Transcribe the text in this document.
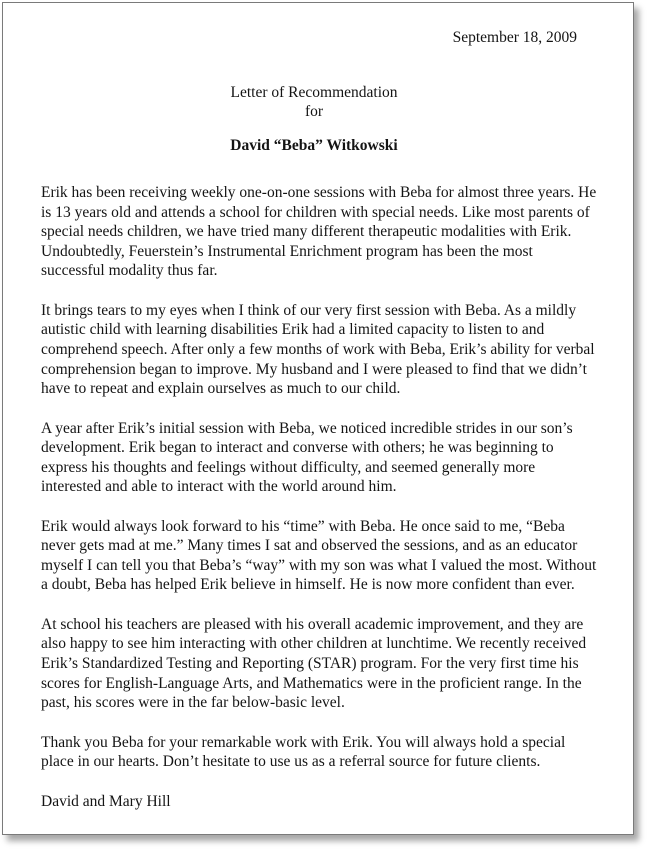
September 18, 2009
Letter of Recommendation
for
David “Beba” Witkowski

Erik has been receiving weekly one-on-one sessions with Beba for almost three years. He is 13 years old and attends a school for children with special needs. Like most parents of special needs children, we have tried many different therapeutic modalities with Erik. Undoubtedly, Feuerstein’s Instrumental Enrichment program has been the most successful modality thus far.

It brings tears to my eyes when I think of our very first session with Beba. As a mildly autistic child with learning disabilities Erik had a limited capacity to listen to and comprehend speech. After only a few months of work with Beba, Erik’s ability for verbal comprehension began to improve. My husband and I were pleased to find that we didn’t have to repeat and explain ourselves as much to our child.

A year after Erik’s initial session with Beba, we noticed incredible strides in our son’s development. Erik began to interact and converse with others; he was beginning to express his thoughts and feelings without difficulty, and seemed generally more interested and able to interact with the world around him.

Erik would always look forward to his “time” with Beba. He once said to me, “Beba never gets mad at me.” Many times I sat and observed the sessions, and as an educator myself I can tell you that Beba’s “way” with my son was what I valued the most. Without a doubt, Beba has helped Erik believe in himself. He is now more confident than ever.

At school his teachers are pleased with his overall academic improvement, and they are also happy to see him interacting with other children at lunchtime. We recently received Erik’s Standardized Testing and Reporting (STAR) program. For the very first time his scores for English-Language Arts, and Mathematics were in the proficient range. In the past, his scores were in the far below-basic level.

Thank you Beba for your remarkable work with Erik. You will always hold a special place in our hearts. Don’t hesitate to use us as a referral source for future clients.

David and Mary Hill
